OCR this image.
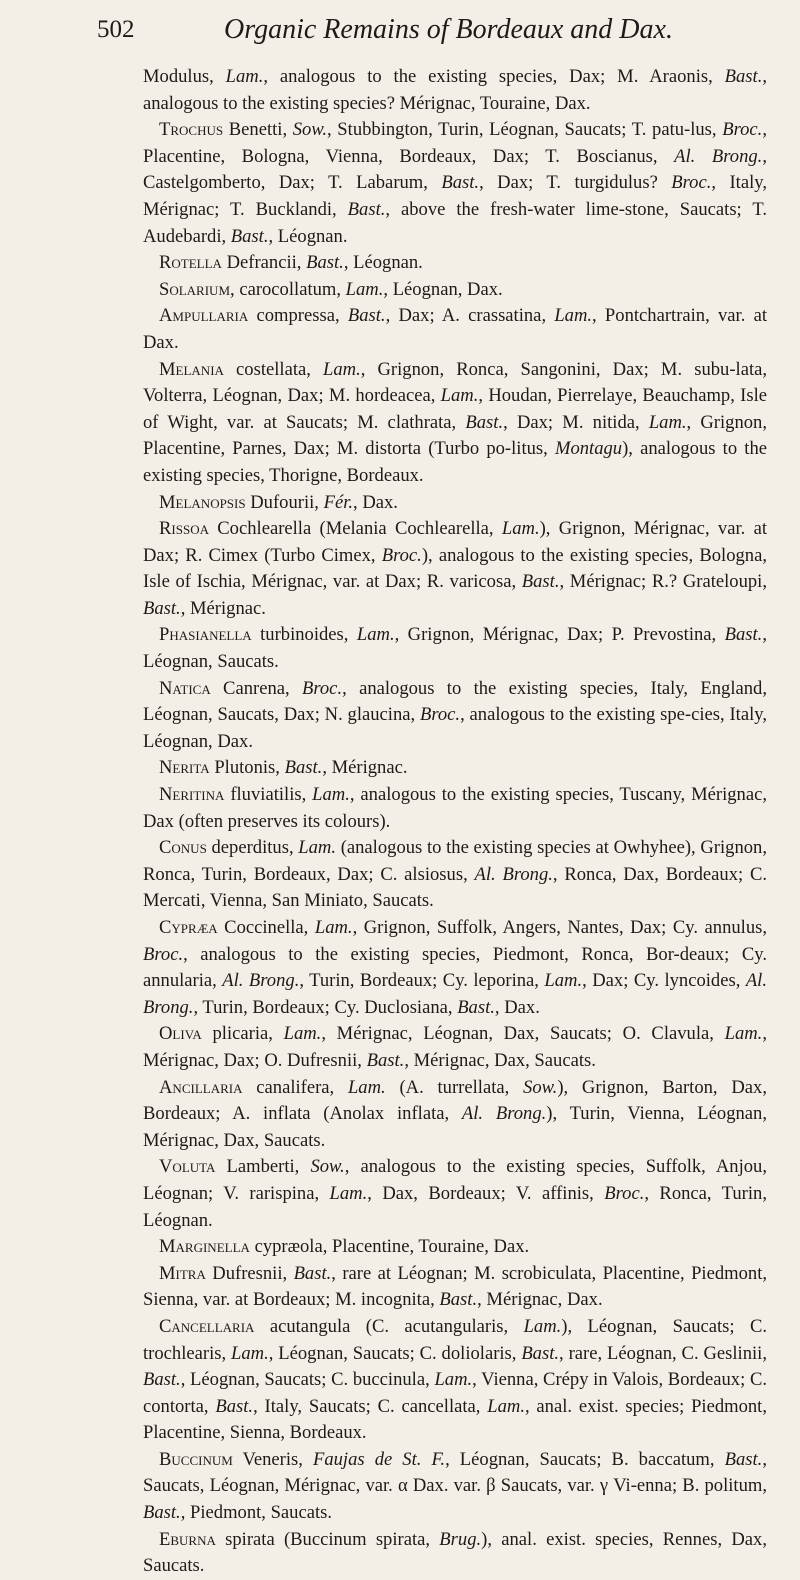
502	Organic Remains of Bordeaux and Dax.

Modulus, Lam., analogous to the existing species, Dax; M. Araonis, Bast., analogous to the existing species? Mérignac, Touraine, Dax.

Trochus Benetti, Sow., Stubbington, Turin, Léognan, Saucats; T. patu-lus, Broc., Placentine, Bologna, Vienna, Bordeaux, Dax; T. Boscianus, Al. Brong., Castelgomberto, Dax; T. Labarum, Bast., Dax; T. turgidulus? Broc., Italy, Mérignac; T. Bucklandi, Bast., above the fresh-water lime-stone, Saucats; T. Audebardi, Bast., Léognan.

Rotella Defrancii, Bast., Léognan.

Solarium, carocollatum, Lam., Léognan, Dax.

Ampullaria compressa, Bast., Dax; A. crassatina, Lam., Pontchartrain, var. at Dax.

Melania costellata, Lam., Grignon, Ronca, Sangonini, Dax; M. subu-lata, Volterra, Léognan, Dax; M. hordeacea, Lam., Houdan, Pierrelaye, Beauchamp, Isle of Wight, var. at Saucats; M. clathrata, Bast., Dax; M. nitida, Lam., Grignon, Placentine, Parnes, Dax; M. distorta (Turbo po-litus, Montagu), analogous to the existing species, Thorigne, Bordeaux.

Melanopsis Dufourii, Fér., Dax.

Rissoa Cochlearella (Melania Cochlearella, Lam.), Grignon, Mérignac, var. at Dax; R. Cimex (Turbo Cimex, Broc.), analogous to the existing species, Bologna, Isle of Ischia, Mérignac, var. at Dax; R. varicosa, Bast., Mérignac; R.? Grateloupi, Bast., Mérignac.

Phasianella turbinoides, Lam., Grignon, Mérignac, Dax; P. Prevostina, Bast., Léognan, Saucats.

Natica Canrena, Broc., analogous to the existing species, Italy, England, Léognan, Saucats, Dax; N. glaucina, Broc., analogous to the existing spe-cies, Italy, Léognan, Dax.

Nerita Plutonis, Bast., Mérignac.

Neritina fluviatilis, Lam., analogous to the existing species, Tuscany, Mérignac, Dax (often preserves its colours).

Conus deperditus, Lam. (analogous to the existing species at Owhyhee), Grignon, Ronca, Turin, Bordeaux, Dax; C. alsiosus, Al. Brong., Ronca, Dax, Bordeaux; C. Mercati, Vienna, San Miniato, Saucats.

Cypræa Coccinella, Lam., Grignon, Suffolk, Angers, Nantes, Dax; Cy. annulus, Broc., analogous to the existing species, Piedmont, Ronca, Bor-deaux; Cy. annularia, Al. Brong., Turin, Bordeaux; Cy. leporina, Lam., Dax; Cy. lyncoides, Al. Brong., Turin, Bordeaux; Cy. Duclosiana, Bast., Dax.

Oliva plicaria, Lam., Mérignac, Léognan, Dax, Saucats; O. Clavula, Lam., Mérignac, Dax; O. Dufresnii, Bast., Mérignac, Dax, Saucats.

Ancillaria canalifera, Lam. (A. turrellata, Sow.), Grignon, Barton, Dax, Bordeaux; A. inflata (Anolax inflata, Al. Brong.), Turin, Vienna, Léognan, Mérignac, Dax, Saucats.

Voluta Lamberti, Sow., analogous to the existing species, Suffolk, Anjou, Léognan; V. rarispina, Lam., Dax, Bordeaux; V. affinis, Broc., Ronca, Turin, Léognan.

Marginella cypræola, Placentine, Touraine, Dax.

Mitra Dufresnii, Bast., rare at Léognan; M. scrobiculata, Placentine, Piedmont, Sienna, var. at Bordeaux; M. incognita, Bast., Mérignac, Dax.

Cancellaria acutangula (C. acutangularis, Lam.), Léognan, Saucats; C. trochlearis, Lam., Léognan, Saucats; C. doliolaris, Bast., rare, Léognan, C. Geslinii, Bast., Léognan, Saucats; C. buccinula, Lam., Vienna, Crépy in Valois, Bordeaux; C. contorta, Bast., Italy, Saucats; C. cancellata, Lam., anal. exist. species; Piedmont, Placentine, Sienna, Bordeaux.

Buccinum Veneris, Faujas de St. F., Léognan, Saucats; B. baccatum, Bast., Saucats, Léognan, Mérignac, var. α Dax. var. β Saucats, var. γ Vi-enna; B. politum, Bast., Piedmont, Saucats.

Eburna spirata (Buccinum spirata, Brug.), anal. exist. species, Rennes, Dax, Saucats.
